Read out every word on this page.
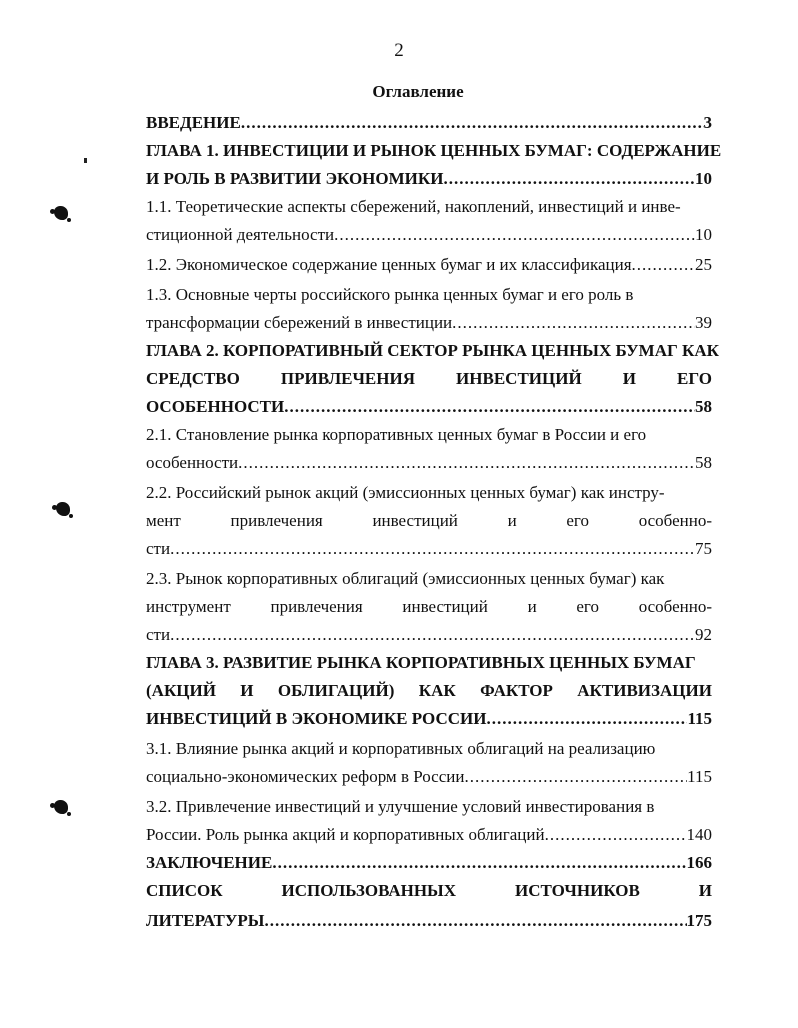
2
Оглавление
ВВЕДЕНИЕ .....	3
ГЛАВА 1. ИНВЕСТИЦИИ И РЫНОК ЦЕННЫХ БУМАГ: СОДЕРЖАНИЕ
И РОЛЬ В РАЗВИТИИ ЭКОНОМИКИ .....	10
1.1. Теоретические аспекты сбережений, накоплений, инвестиций и инве-
стиционной деятельности .....	10
1.2. Экономическое содержание ценных бумаг и их классификация .....	25
1.3. Основные черты российского рынка ценных бумаг и его роль в
трансформации сбережений в инвестиции .....	39
ГЛАВА 2. КОРПОРАТИВНЫЙ СЕКТОР РЫНКА ЦЕННЫХ БУМАГ КАК
СРЕДСТВО ПРИВЛЕЧЕНИЯ ИНВЕСТИЦИЙ И ЕГО
ОСОБЕННОСТИ .....	58
2.1. Становление рынка корпоративных ценных бумаг в России и его
особенности .....	58
2.2. Российский рынок акций (эмиссионных ценных бумаг) как инстру-
мент	привлечения	инвестиций	и	его	особенно-
сти .....	75
2.3. Рынок корпоративных облигаций (эмиссионных ценных бумаг) как
инструмент привлечения инвестиций и его особенно-
сти .....	92
ГЛАВА 3. РАЗВИТИЕ РЫНКА КОРПОРАТИВНЫХ ЦЕННЫХ БУМАГ
(АКЦИЙ И ОБЛИГАЦИЙ) КАК ФАКТОР АКТИВИЗАЦИИ
ИНВЕСТИЦИЙ В ЭКОНОМИКЕ РОССИИ .....	115
3.1. Влияние рынка акций и корпоративных облигаций на реализацию
социально-экономических реформ в России .....	115
3.2. Привлечение инвестиций и улучшение условий инвестирования в
России. Роль рынка акций и корпоративных облигаций .....	140
ЗАКЛЮЧЕНИЕ .....	166
СПИСОК	ИСПОЛЬЗОВАННЫХ	ИСТОЧНИКОВ	И
ЛИТЕРАТУРЫ .....	175
